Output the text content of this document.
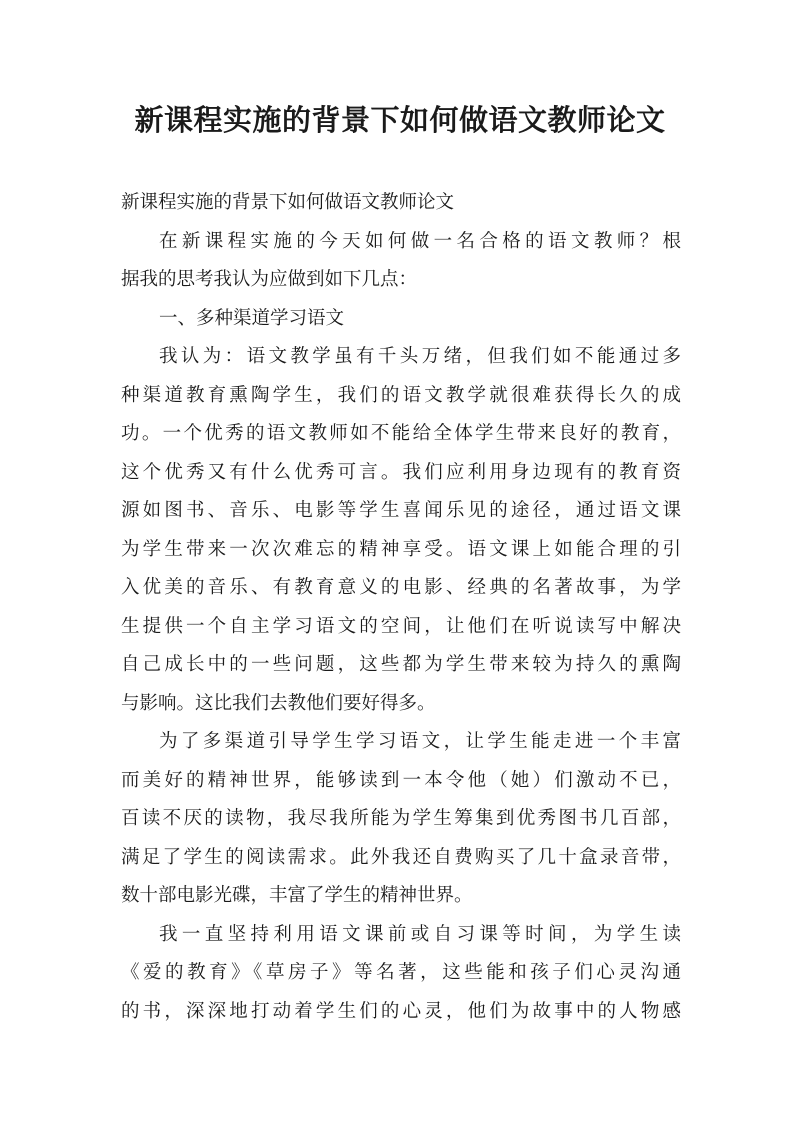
新课程实施的背景下如何做语文教师论文
新课程实施的背景下如何做语文教师论文
在新课程实施的今天如何做一名合格的语文教师？根
据我的思考我认为应做到如下几点：
一、多种渠道学习语文
我认为：语文教学虽有千头万绪，但我们如不能通过多
种渠道教育熏陶学生，我们的语文教学就很难获得长久的成
功。一个优秀的语文教师如不能给全体学生带来良好的教育，
这个优秀又有什么优秀可言。我们应利用身边现有的教育资
源如图书、音乐、电影等学生喜闻乐见的途径，通过语文课
为学生带来一次次难忘的精神享受。语文课上如能合理的引
入优美的音乐、有教育意义的电影、经典的名著故事，为学
生提供一个自主学习语文的空间，让他们在听说读写中解决
自己成长中的一些问题，这些都为学生带来较为持久的熏陶
与影响。这比我们去教他们要好得多。
为了多渠道引导学生学习语文，让学生能走进一个丰富
而美好的精神世界，能够读到一本令他（她）们激动不已，
百读不厌的读物，我尽我所能为学生筹集到优秀图书几百部，
满足了学生的阅读需求。此外我还自费购买了几十盒录音带，
数十部电影光碟，丰富了学生的精神世界。
我一直坚持利用语文课前或自习课等时间，为学生读
《爱的教育》《草房子》等名著，这些能和孩子们心灵沟通
的书，深深地打动着学生们的心灵，他们为故事中的人物感
